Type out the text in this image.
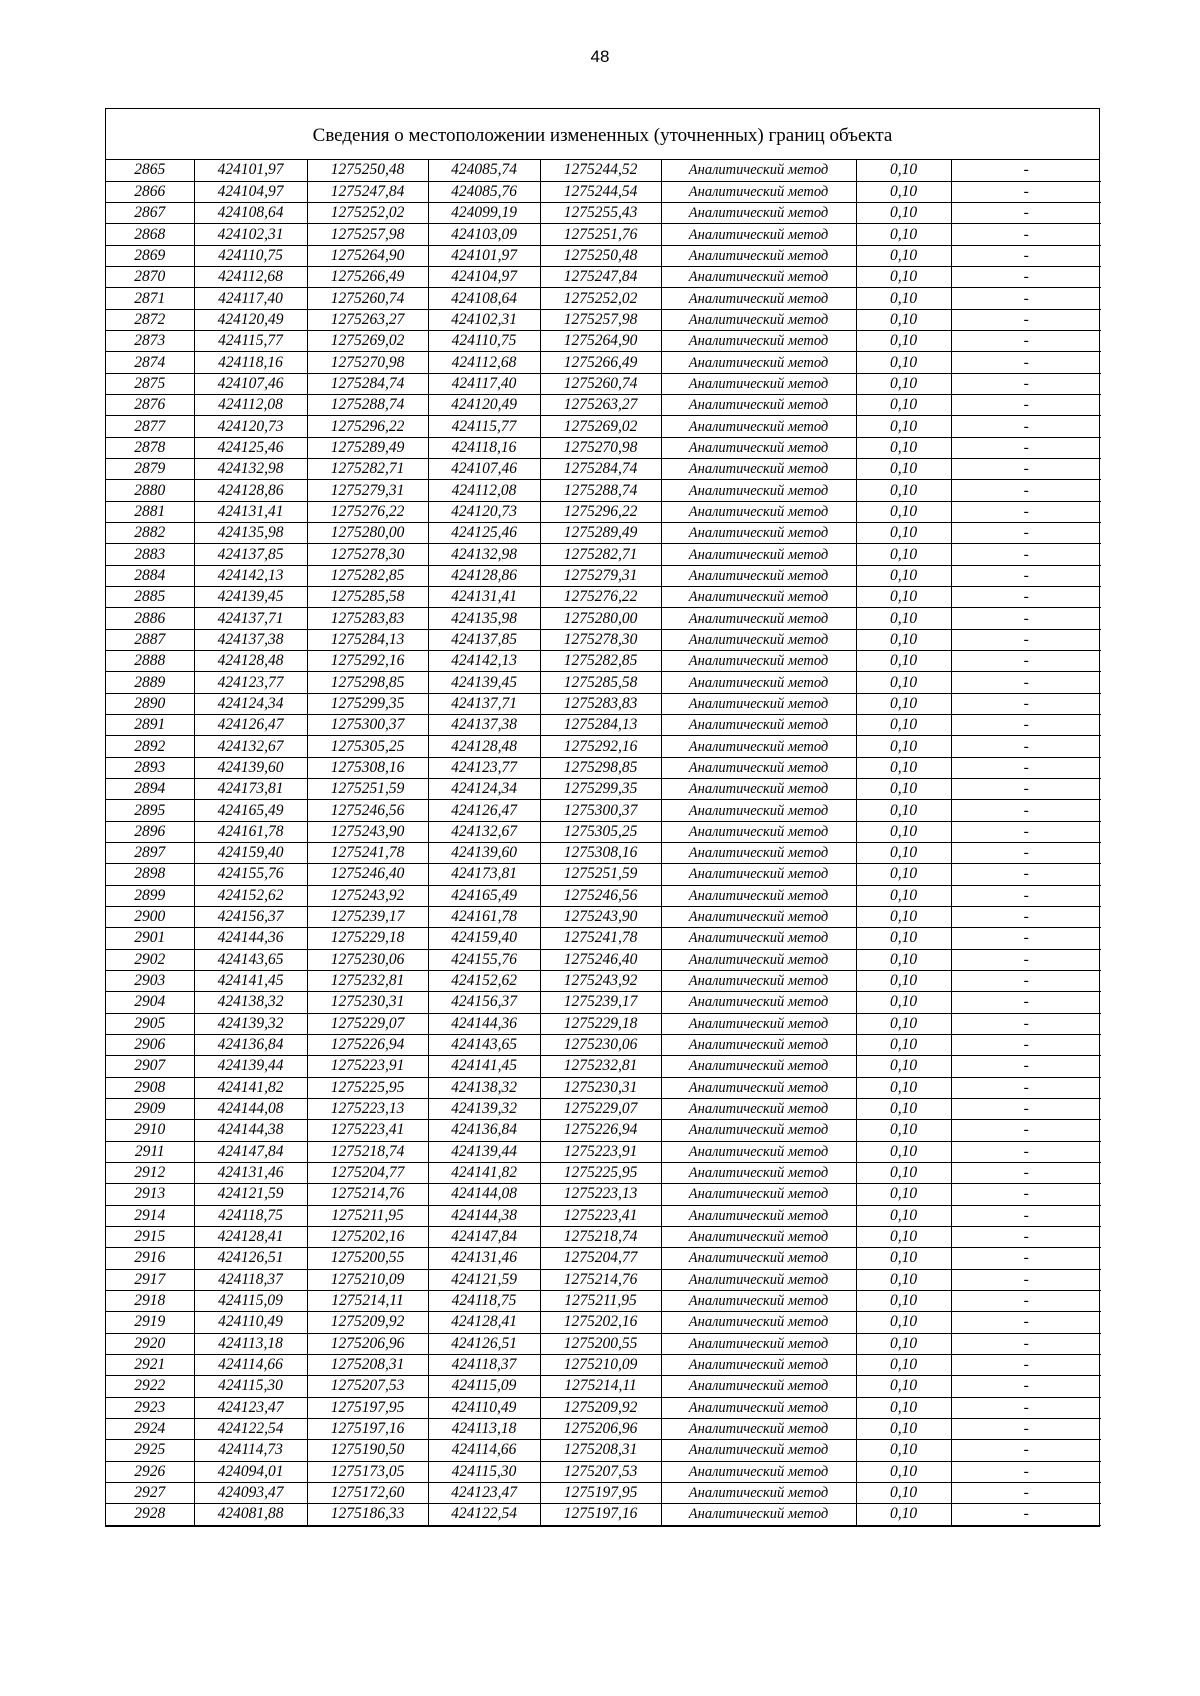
48
Сведения о местоположении измененных (уточненных) границ объекта
2865	424101,97	1275250,48	424085,74	1275244,52	Аналитический метод	0,10	-
2866	424104,97	1275247,84	424085,76	1275244,54	Аналитический метод	0,10	-
2867	424108,64	1275252,02	424099,19	1275255,43	Аналитический метод	0,10	-
2868	424102,31	1275257,98	424103,09	1275251,76	Аналитический метод	0,10	-
2869	424110,75	1275264,90	424101,97	1275250,48	Аналитический метод	0,10	-
2870	424112,68	1275266,49	424104,97	1275247,84	Аналитический метод	0,10	-
2871	424117,40	1275260,74	424108,64	1275252,02	Аналитический метод	0,10	-
2872	424120,49	1275263,27	424102,31	1275257,98	Аналитический метод	0,10	-
2873	424115,77	1275269,02	424110,75	1275264,90	Аналитический метод	0,10	-
2874	424118,16	1275270,98	424112,68	1275266,49	Аналитический метод	0,10	-
2875	424107,46	1275284,74	424117,40	1275260,74	Аналитический метод	0,10	-
2876	424112,08	1275288,74	424120,49	1275263,27	Аналитический метод	0,10	-
2877	424120,73	1275296,22	424115,77	1275269,02	Аналитический метод	0,10	-
2878	424125,46	1275289,49	424118,16	1275270,98	Аналитический метод	0,10	-
2879	424132,98	1275282,71	424107,46	1275284,74	Аналитический метод	0,10	-
2880	424128,86	1275279,31	424112,08	1275288,74	Аналитический метод	0,10	-
2881	424131,41	1275276,22	424120,73	1275296,22	Аналитический метод	0,10	-
2882	424135,98	1275280,00	424125,46	1275289,49	Аналитический метод	0,10	-
2883	424137,85	1275278,30	424132,98	1275282,71	Аналитический метод	0,10	-
2884	424142,13	1275282,85	424128,86	1275279,31	Аналитический метод	0,10	-
2885	424139,45	1275285,58	424131,41	1275276,22	Аналитический метод	0,10	-
2886	424137,71	1275283,83	424135,98	1275280,00	Аналитический метод	0,10	-
2887	424137,38	1275284,13	424137,85	1275278,30	Аналитический метод	0,10	-
2888	424128,48	1275292,16	424142,13	1275282,85	Аналитический метод	0,10	-
2889	424123,77	1275298,85	424139,45	1275285,58	Аналитический метод	0,10	-
2890	424124,34	1275299,35	424137,71	1275283,83	Аналитический метод	0,10	-
2891	424126,47	1275300,37	424137,38	1275284,13	Аналитический метод	0,10	-
2892	424132,67	1275305,25	424128,48	1275292,16	Аналитический метод	0,10	-
2893	424139,60	1275308,16	424123,77	1275298,85	Аналитический метод	0,10	-
2894	424173,81	1275251,59	424124,34	1275299,35	Аналитический метод	0,10	-
2895	424165,49	1275246,56	424126,47	1275300,37	Аналитический метод	0,10	-
2896	424161,78	1275243,90	424132,67	1275305,25	Аналитический метод	0,10	-
2897	424159,40	1275241,78	424139,60	1275308,16	Аналитический метод	0,10	-
2898	424155,76	1275246,40	424173,81	1275251,59	Аналитический метод	0,10	-
2899	424152,62	1275243,92	424165,49	1275246,56	Аналитический метод	0,10	-
2900	424156,37	1275239,17	424161,78	1275243,90	Аналитический метод	0,10	-
2901	424144,36	1275229,18	424159,40	1275241,78	Аналитический метод	0,10	-
2902	424143,65	1275230,06	424155,76	1275246,40	Аналитический метод	0,10	-
2903	424141,45	1275232,81	424152,62	1275243,92	Аналитический метод	0,10	-
2904	424138,32	1275230,31	424156,37	1275239,17	Аналитический метод	0,10	-
2905	424139,32	1275229,07	424144,36	1275229,18	Аналитический метод	0,10	-
2906	424136,84	1275226,94	424143,65	1275230,06	Аналитический метод	0,10	-
2907	424139,44	1275223,91	424141,45	1275232,81	Аналитический метод	0,10	-
2908	424141,82	1275225,95	424138,32	1275230,31	Аналитический метод	0,10	-
2909	424144,08	1275223,13	424139,32	1275229,07	Аналитический метод	0,10	-
2910	424144,38	1275223,41	424136,84	1275226,94	Аналитический метод	0,10	-
2911	424147,84	1275218,74	424139,44	1275223,91	Аналитический метод	0,10	-
2912	424131,46	1275204,77	424141,82	1275225,95	Аналитический метод	0,10	-
2913	424121,59	1275214,76	424144,08	1275223,13	Аналитический метод	0,10	-
2914	424118,75	1275211,95	424144,38	1275223,41	Аналитический метод	0,10	-
2915	424128,41	1275202,16	424147,84	1275218,74	Аналитический метод	0,10	-
2916	424126,51	1275200,55	424131,46	1275204,77	Аналитический метод	0,10	-
2917	424118,37	1275210,09	424121,59	1275214,76	Аналитический метод	0,10	-
2918	424115,09	1275214,11	424118,75	1275211,95	Аналитический метод	0,10	-
2919	424110,49	1275209,92	424128,41	1275202,16	Аналитический метод	0,10	-
2920	424113,18	1275206,96	424126,51	1275200,55	Аналитический метод	0,10	-
2921	424114,66	1275208,31	424118,37	1275210,09	Аналитический метод	0,10	-
2922	424115,30	1275207,53	424115,09	1275214,11	Аналитический метод	0,10	-
2923	424123,47	1275197,95	424110,49	1275209,92	Аналитический метод	0,10	-
2924	424122,54	1275197,16	424113,18	1275206,96	Аналитический метод	0,10	-
2925	424114,73	1275190,50	424114,66	1275208,31	Аналитический метод	0,10	-
2926	424094,01	1275173,05	424115,30	1275207,53	Аналитический метод	0,10	-
2927	424093,47	1275172,60	424123,47	1275197,95	Аналитический метод	0,10	-
2928	424081,88	1275186,33	424122,54	1275197,16	Аналитический метод	0,10	-
